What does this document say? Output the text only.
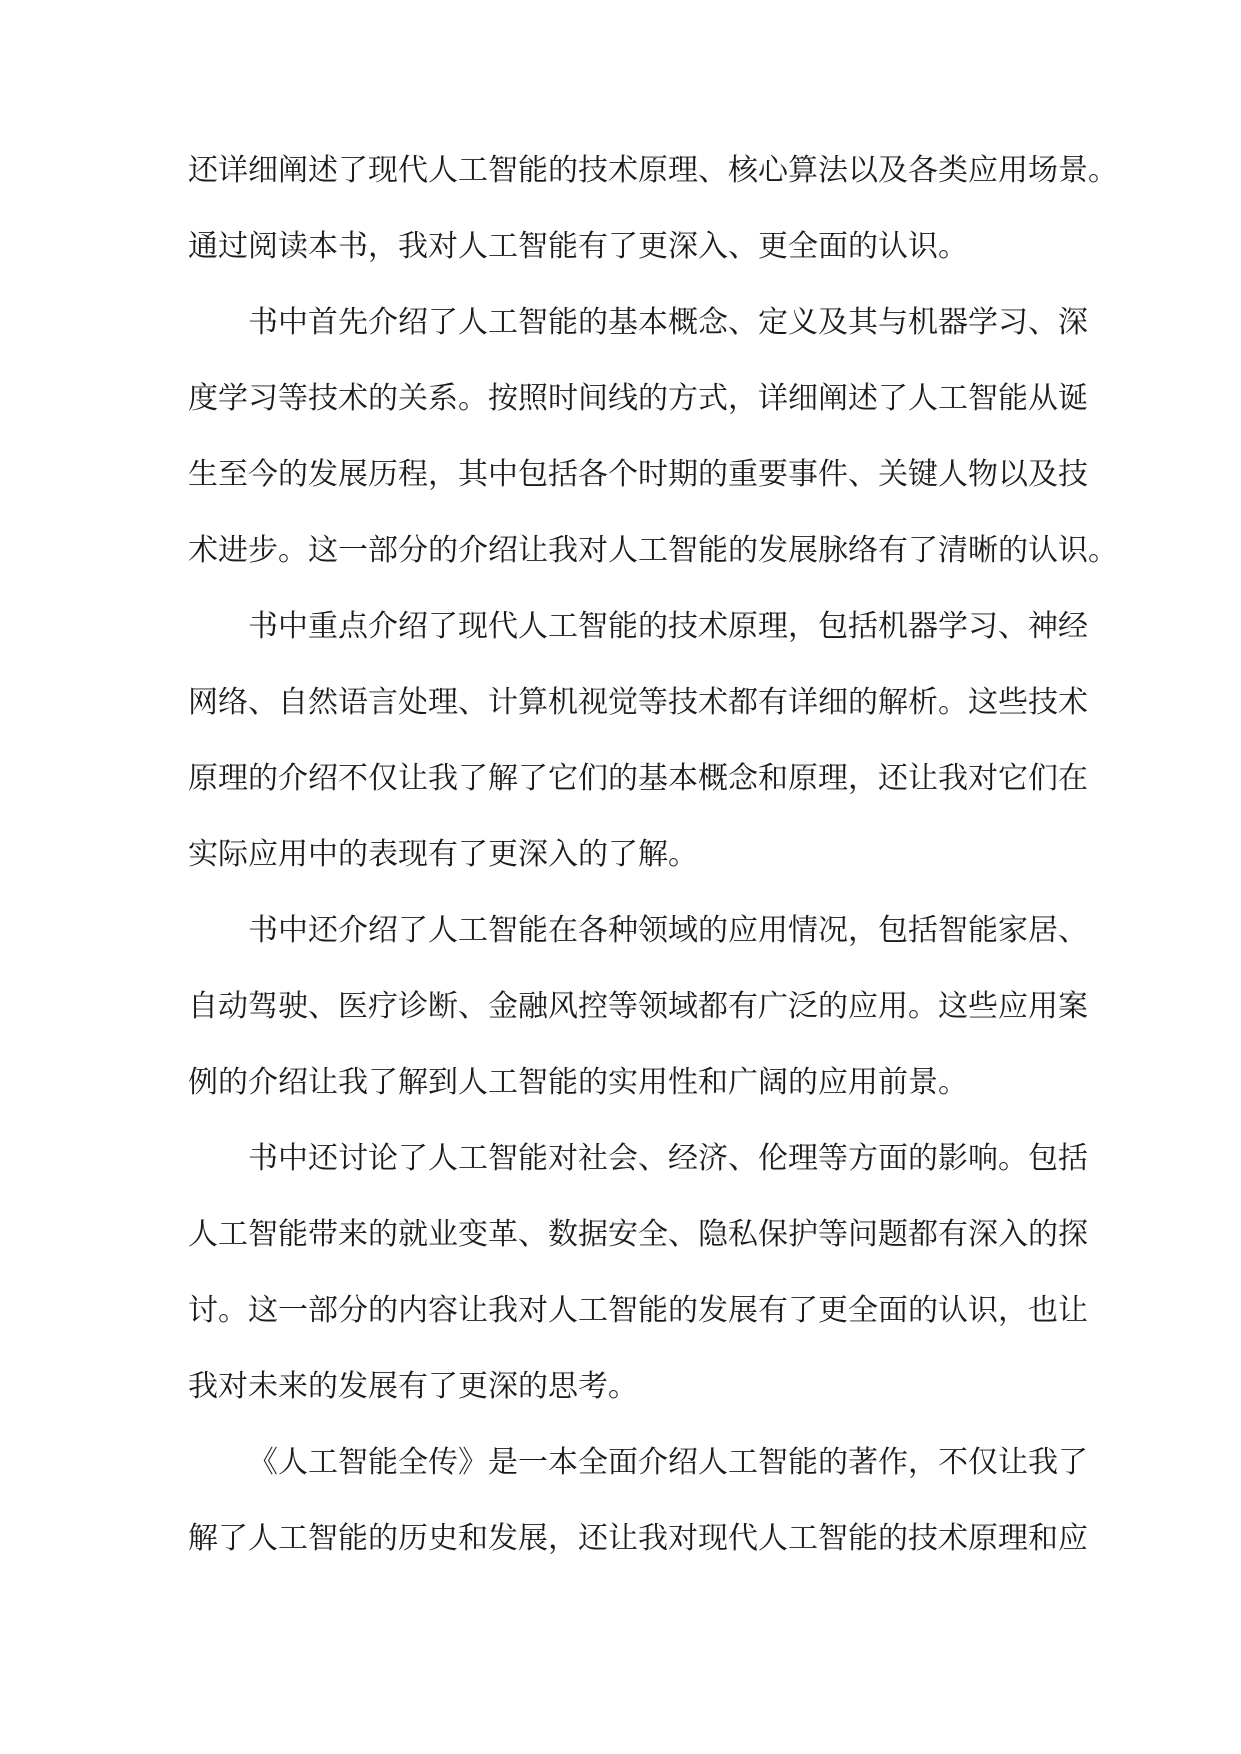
还详细阐述了现代人工智能的技术原理、核心算法以及各类应用场景。
通过阅读本书，我对人工智能有了更深入、更全面的认识。
书中首先介绍了人工智能的基本概念、定义及其与机器学习、深
度学习等技术的关系。按照时间线的方式，详细阐述了人工智能从诞
生至今的发展历程，其中包括各个时期的重要事件、关键人物以及技
术进步。这一部分的介绍让我对人工智能的发展脉络有了清晰的认识。
书中重点介绍了现代人工智能的技术原理，包括机器学习、神经
网络、自然语言处理、计算机视觉等技术都有详细的解析。这些技术
原理的介绍不仅让我了解了它们的基本概念和原理，还让我对它们在
实际应用中的表现有了更深入的了解。
书中还介绍了人工智能在各种领域的应用情况，包括智能家居、
自动驾驶、医疗诊断、金融风控等领域都有广泛的应用。这些应用案
例的介绍让我了解到人工智能的实用性和广阔的应用前景。
书中还讨论了人工智能对社会、经济、伦理等方面的影响。包括
人工智能带来的就业变革、数据安全、隐私保护等问题都有深入的探
讨。这一部分的内容让我对人工智能的发展有了更全面的认识，也让
我对未来的发展有了更深的思考。
《人工智能全传》是一本全面介绍人工智能的著作，不仅让我了
解了人工智能的历史和发展，还让我对现代人工智能的技术原理和应
